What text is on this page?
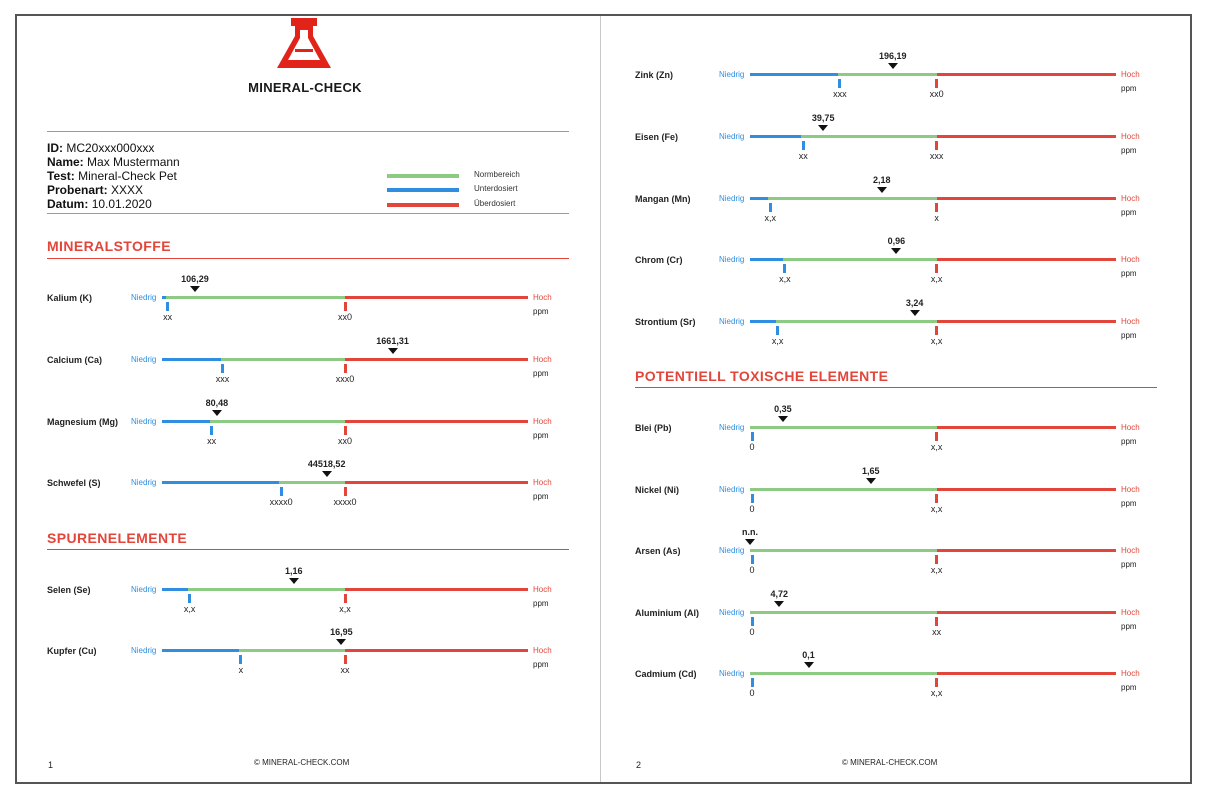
MINERAL-CHECK
ID: MC20xxx000xxx
Name: Max Mustermann
Test: Mineral-Check Pet
Probenart: XXXX
Datum: 10.01.2020
Normbereich
Unterdosiert
Überdosiert
MINERALSTOFFE
Kalium (K)	Niedrig	Hoch
ppm
xx	xx0
106,29
Calcium (Ca)	Niedrig	Hoch
ppm
xxx	xxx0
1661,31
Magnesium (Mg) Niedrig	Hoch
ppm
xx	xx0
80,48
Schwefel (S)	Niedrig	Hoch
ppm
xxxx0	xxxx0
44518,52
SPURENELEMENTE
Selen (Se)	Niedrig	Hoch
ppm
x,x	x,x
1,16
Kupfer (Cu)	Niedrig	Hoch
ppm
x	xx
16,95
1	© MINERAL-CHECK.COM
Zink (Zn)	Niedrig	Hoch
ppm
xxx	xx0
196,19
Eisen (Fe)	Niedrig	Hoch
ppm
xx	xxx
39,75
Mangan (Mn)	Niedrig	Hoch
ppm
x,x	x
2,18
Chrom (Cr)	Niedrig	Hoch
ppm
x,x	x,x
0,96
Strontium (Sr)	Niedrig	Hoch
ppm
x,x	x,x
3,24
POTENTIELL TOXISCHE ELEMENTE
Blei (Pb)	Niedrig	Hoch
ppm
0	x,x
0,35
Nickel (Ni)	Niedrig	Hoch
ppm
0	x,x
1,65
Arsen (As)	Niedrig	Hoch
ppm
0	x,x
n.n.
Aluminium (Al)	Niedrig	Hoch
ppm
0	xx
4,72
Cadmium (Cd)	Niedrig	Hoch
ppm
0	x,x
0,1
2	© MINERAL-CHECK.COM
